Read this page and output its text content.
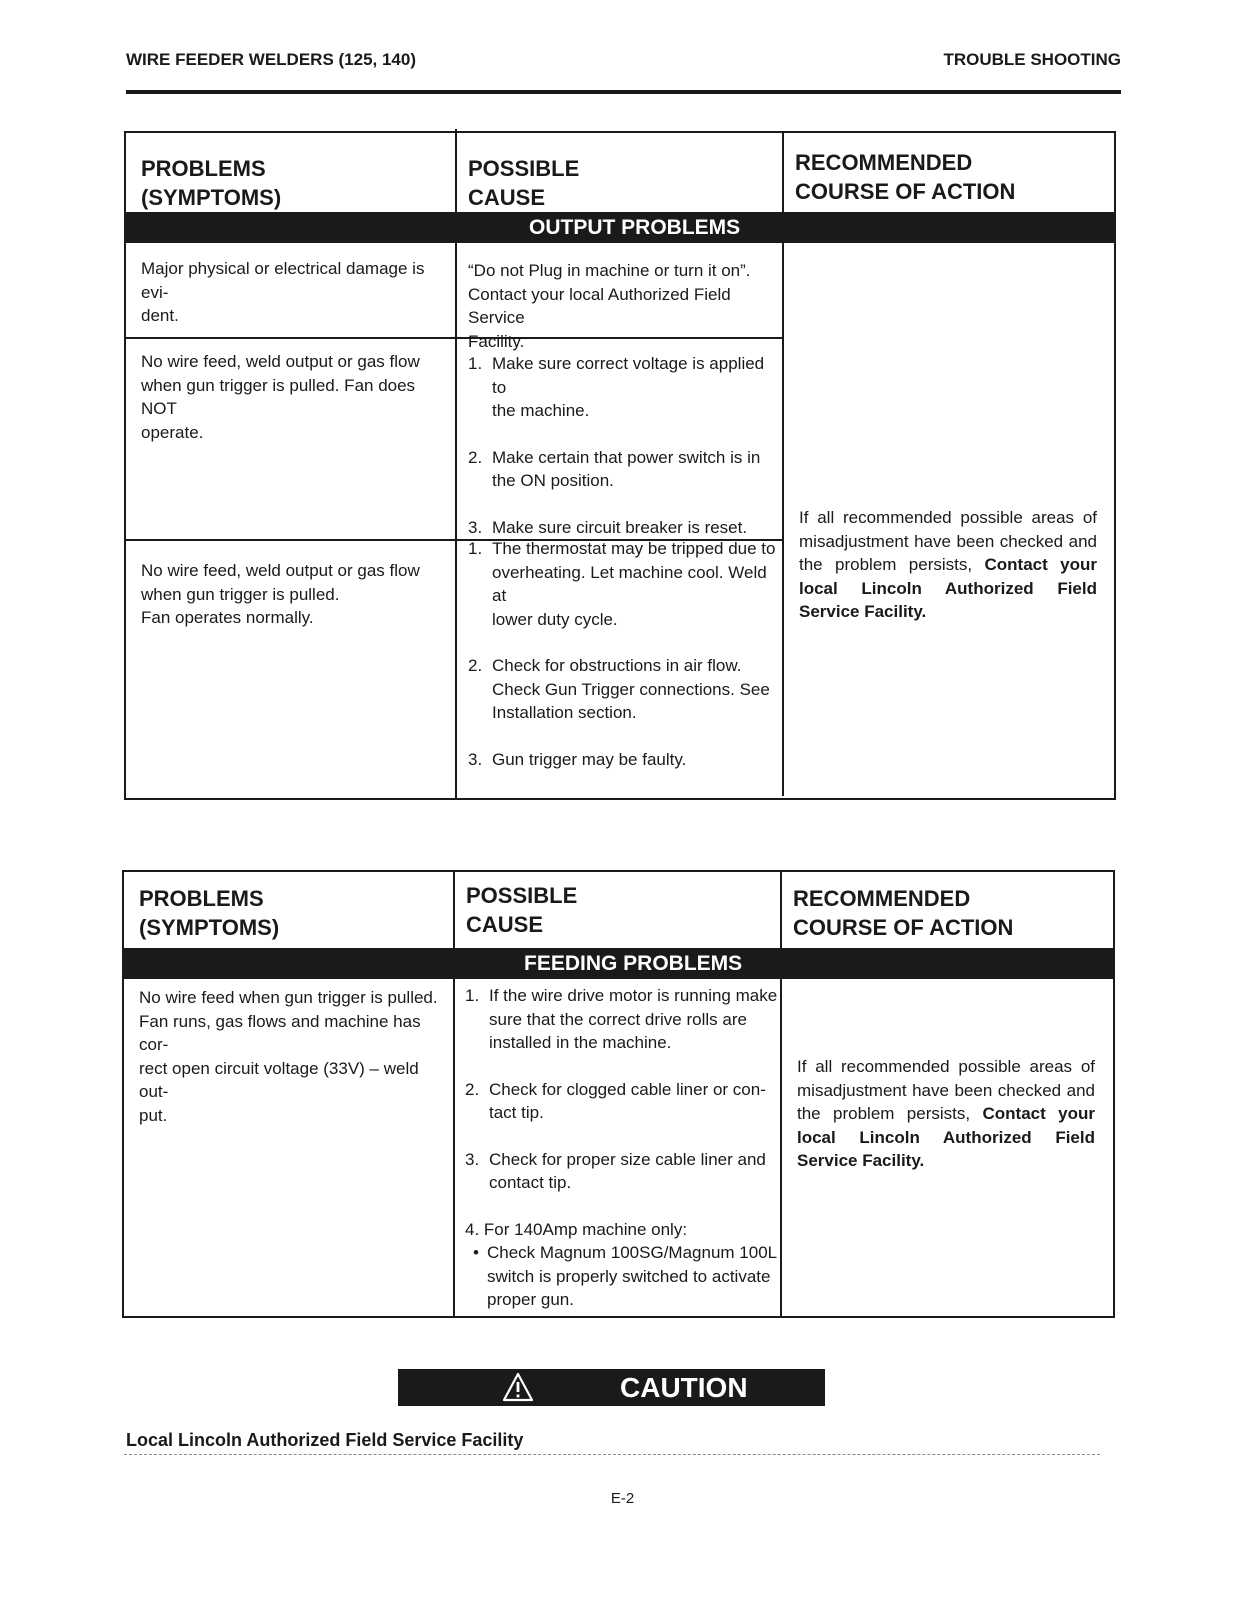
WIRE FEEDER WELDERS (125, 140)	TROUBLE SHOOTING
PROBLEMS
(SYMPTOMS)
POSSIBLE
CAUSE
RECOMMENDED
COURSE OF ACTION
OUTPUT PROBLEMS
Major physical or electrical damage is evi-
dent.
“Do not Plug in machine or turn it on”.
Contact your local Authorized Field Service
Facility.
No wire feed, weld output or gas flow
when gun trigger is pulled. Fan does NOT
operate.
1. Make sure correct voltage is applied to
the machine.
2. Make certain that power switch is in
the ON position.
3. Make sure circuit breaker is reset.
No wire feed, weld output or gas flow
when gun trigger is pulled.
Fan operates normally.
1. The thermostat may be tripped due to
overheating. Let machine cool. Weld at
lower duty cycle.
2. Check for obstructions in air flow.
Check Gun Trigger connections. See
Installation section.
3. Gun trigger may be faulty.
If all recommended possible areas of misadjustment have been checked and the problem persists, Contact your local Lincoln Authorized Field Service Facility.
PROBLEMS
(SYMPTOMS)
POSSIBLE
CAUSE
RECOMMENDED
COURSE OF ACTION
FEEDING PROBLEMS
No wire feed when gun trigger is pulled.
Fan runs, gas flows and machine has cor-
rect open circuit voltage (33V) – weld out-
put.
1. If the wire drive motor is running make
sure that the correct drive rolls are
installed in the machine.
2. Check for clogged cable liner or con-
tact tip.
3. Check for proper size cable liner and
contact tip.
4. For 140Amp machine only:
• Check Magnum 100SG/Magnum 100L
switch is properly switched to activate
proper gun.
If all recommended possible areas of misadjustment have been checked and the problem persists, Contact your local Lincoln Authorized Field Service Facility.
CAUTION
Local Lincoln Authorized Field Service Facility
E-2
